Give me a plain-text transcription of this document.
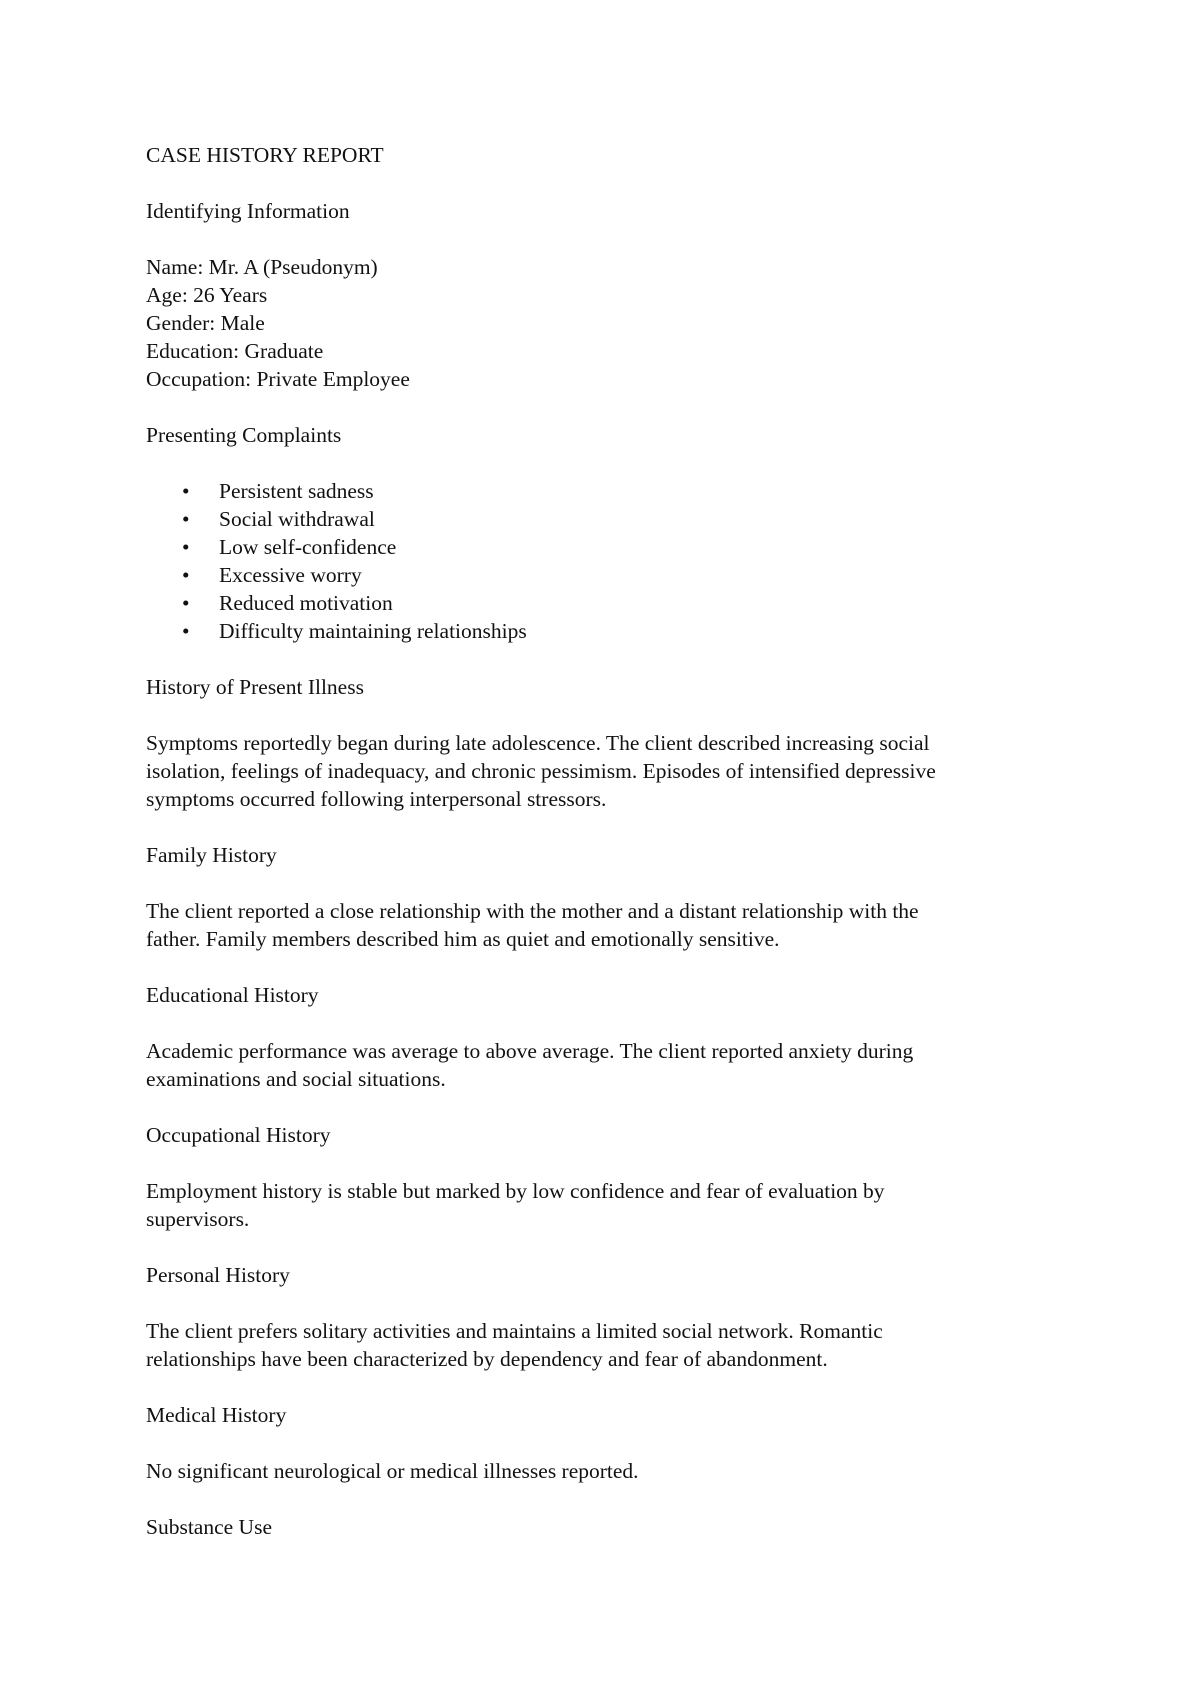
CASE HISTORY REPORT

Identifying Information

Name: Mr. A (Pseudonym)

Age: 26 Years

Gender: Male

Education: Graduate

Occupation: Private Employee

Presenting Complaints

• Persistent sadness
• Social withdrawal
• Low self-confidence
• Excessive worry
• Reduced motivation
• Difficulty maintaining relationships

History of Present Illness

Symptoms reportedly began during late adolescence. The client described increasing social

isolation, feelings of inadequacy, and chronic pessimism. Episodes of intensified depressive

symptoms occurred following interpersonal stressors.

Family History

The client reported a close relationship with the mother and a distant relationship with the

father. Family members described him as quiet and emotionally sensitive.

Educational History

Academic performance was average to above average. The client reported anxiety during

examinations and social situations.

Occupational History

Employment history is stable but marked by low confidence and fear of evaluation by

supervisors.

Personal History

The client prefers solitary activities and maintains a limited social network. Romantic

relationships have been characterized by dependency and fear of abandonment.

Medical History

No significant neurological or medical illnesses reported.

Substance Use
